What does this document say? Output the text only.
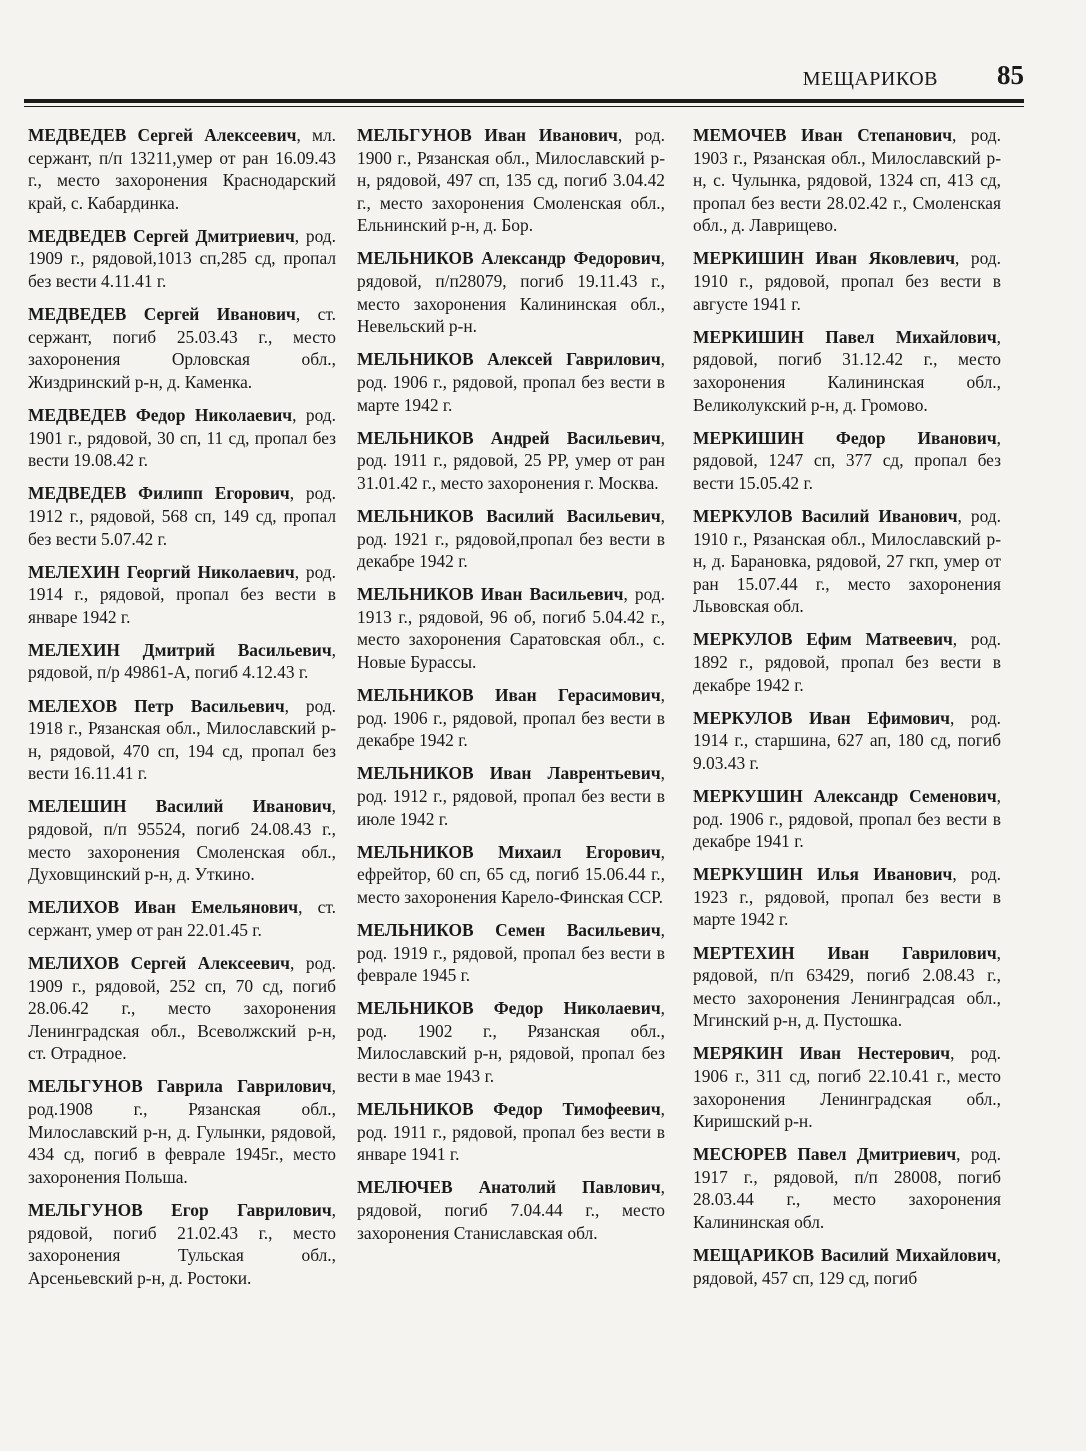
МЕЩАРИКОВ 85

МЕДВЕДЕВ Сергей Алексеевич, мл. сержант, п/п 13211,умер от ран 16.09.43 г., место захоронения Краснодарский край, с. Кабардинка.

МЕДВЕДЕВ Сергей Дмитриевич, род. 1909 г., рядовой,1013 сп,285 сд, пропал без вести 4.11.41 г.

МЕДВЕДЕВ Сергей Иванович, ст. сержант, погиб 25.03.43 г., место захоронения Орловская обл., Жиздринский р-н, д. Каменка.

МЕДВЕДЕВ Федор Николаевич, род. 1901 г., рядовой, 30 сп, 11 сд, пропал без вести 19.08.42 г.

МЕДВЕДЕВ Филипп Егорович, род. 1912 г., рядовой, 568 сп, 149 сд, пропал без вести 5.07.42 г.

МЕЛЕХИН Георгий Николаевич, род. 1914 г., рядовой, пропал без вести в январе 1942 г.

МЕЛЕХИН Дмитрий Васильевич, рядовой, п/р 49861-А, погиб 4.12.43 г.

МЕЛЕХОВ Петр Васильевич, род. 1918 г., Рязанская обл., Милославский р-н, рядовой, 470 сп, 194 сд, пропал без вести 16.11.41 г.

МЕЛЕШИН Василий Иванович, рядовой, п/п 95524, погиб 24.08.43 г., место захоронения Смоленская обл., Духовщинский р-н, д. Уткино.

МЕЛИХОВ Иван Емельянович, ст. сержант, умер от ран 22.01.45 г.

МЕЛИХОВ Сергей Алексеевич, род. 1909 г., рядовой, 252 сп, 70 сд, погиб 28.06.42 г., место захоронения Ленинградская обл., Всеволжский р-н, ст. Отрадное.

МЕЛЬГУНОВ Гаврила Гаврилович, род.1908 г., Рязанская обл., Милославский р-н, д. Гулынки, рядовой, 434 сд, погиб в феврале 1945г., место захоронения Польша.

МЕЛЬГУНОВ Егор Гаврилович, рядовой, погиб 21.02.43 г., место захоронения Тульская обл., Арсеньевский р-н, д. Ростоки.

МЕЛЬГУНОВ Иван Иванович, род. 1900 г., Рязанская обл., Милославский р-н, рядовой, 497 сп, 135 сд, погиб 3.04.42 г., место захоронения Смоленская обл., Ельнинский р-н, д. Бор.

МЕЛЬНИКОВ Александр Федорович, рядовой, п/п28079, погиб 19.11.43 г., место захоронения Калининская обл., Невельский р-н.

МЕЛЬНИКОВ Алексей Гаврилович, род. 1906 г., рядовой, пропал без вести в марте 1942 г.

МЕЛЬНИКОВ Андрей Васильевич, род. 1911 г., рядовой, 25 РР, умер от ран 31.01.42 г., место захоронения г. Москва.

МЕЛЬНИКОВ Василий Васильевич, род. 1921 г., рядовой,пропал без вести в декабре 1942 г.

МЕЛЬНИКОВ Иван Васильевич, род. 1913 г., рядовой, 96 об, погиб 5.04.42 г., место захоронения Саратовская обл., с. Новые Бурассы.

МЕЛЬНИКОВ Иван Герасимович, род. 1906 г., рядовой, пропал без вести в декабре 1942 г.

МЕЛЬНИКОВ Иван Лаврентьевич, род. 1912 г., рядовой, пропал без вести в июле 1942 г.

МЕЛЬНИКОВ Михаил Егорович, ефрейтор, 60 сп, 65 сд, погиб 15.06.44 г., место захоронения Карело-Финская ССР.

МЕЛЬНИКОВ Семен Васильевич, род. 1919 г., рядовой, пропал без вести в феврале 1945 г.

МЕЛЬНИКОВ Федор Николаевич, род. 1902 г., Рязанская обл., Милославский р-н, рядовой, пропал без вести в мае 1943 г.

МЕЛЬНИКОВ Федор Тимофеевич, род. 1911 г., рядовой, пропал без вести в январе 1941 г.

МЕЛЮЧЕВ Анатолий Павлович, рядовой, погиб 7.04.44 г., место захоронения Станиславская обл.

МЕМОЧЕВ Иван Степанович, род. 1903 г., Рязанская обл., Милославский р-н, с. Чулынка, рядовой, 1324 сп, 413 сд, пропал без вести 28.02.42 г., Смоленская обл., д. Лаврищево.

МЕРКИШИН Иван Яковлевич, род. 1910 г., рядовой, пропал без вести в августе 1941 г.

МЕРКИШИН Павел Михайлович, рядовой, погиб 31.12.42 г., место захоронения Калининская обл., Великолукский р-н, д. Громово.

МЕРКИШИН Федор Иванович, рядовой, 1247 сп, 377 сд, пропал без вести 15.05.42 г.

МЕРКУЛОВ Василий Иванович, род. 1910 г., Рязанская обл., Милославский р-н, д. Барановка, рядовой, 27 гкп, умер от ран 15.07.44 г., место захоронения Львовская обл.

МЕРКУЛОВ Ефим Матвеевич, род. 1892 г., рядовой, пропал без вести в декабре 1942 г.

МЕРКУЛОВ Иван Ефимович, род. 1914 г., старшина, 627 ап, 180 сд, погиб 9.03.43 г.

МЕРКУШИН Александр Семенович, род. 1906 г., рядовой, пропал без вести в декабре 1941 г.

МЕРКУШИН Илья Иванович, род. 1923 г., рядовой, пропал без вести в марте 1942 г.

МЕРТЕХИН Иван Гаврилович, рядовой, п/п 63429, погиб 2.08.43 г., место захоронения Ленинградсая обл., Мгинский р-н, д. Пустошка.

МЕРЯКИН Иван Нестерович, род. 1906 г., 311 сд, погиб 22.10.41 г., место захоронения Ленинградская обл., Киришский р-н.

МЕСЮРЕВ Павел Дмитриевич, род. 1917 г., рядовой, п/п 28008, погиб 28.03.44 г., место захоронения Калининская обл.

МЕЩАРИКОВ Василий Михайлович, рядовой, 457 сп, 129 сд, погиб
